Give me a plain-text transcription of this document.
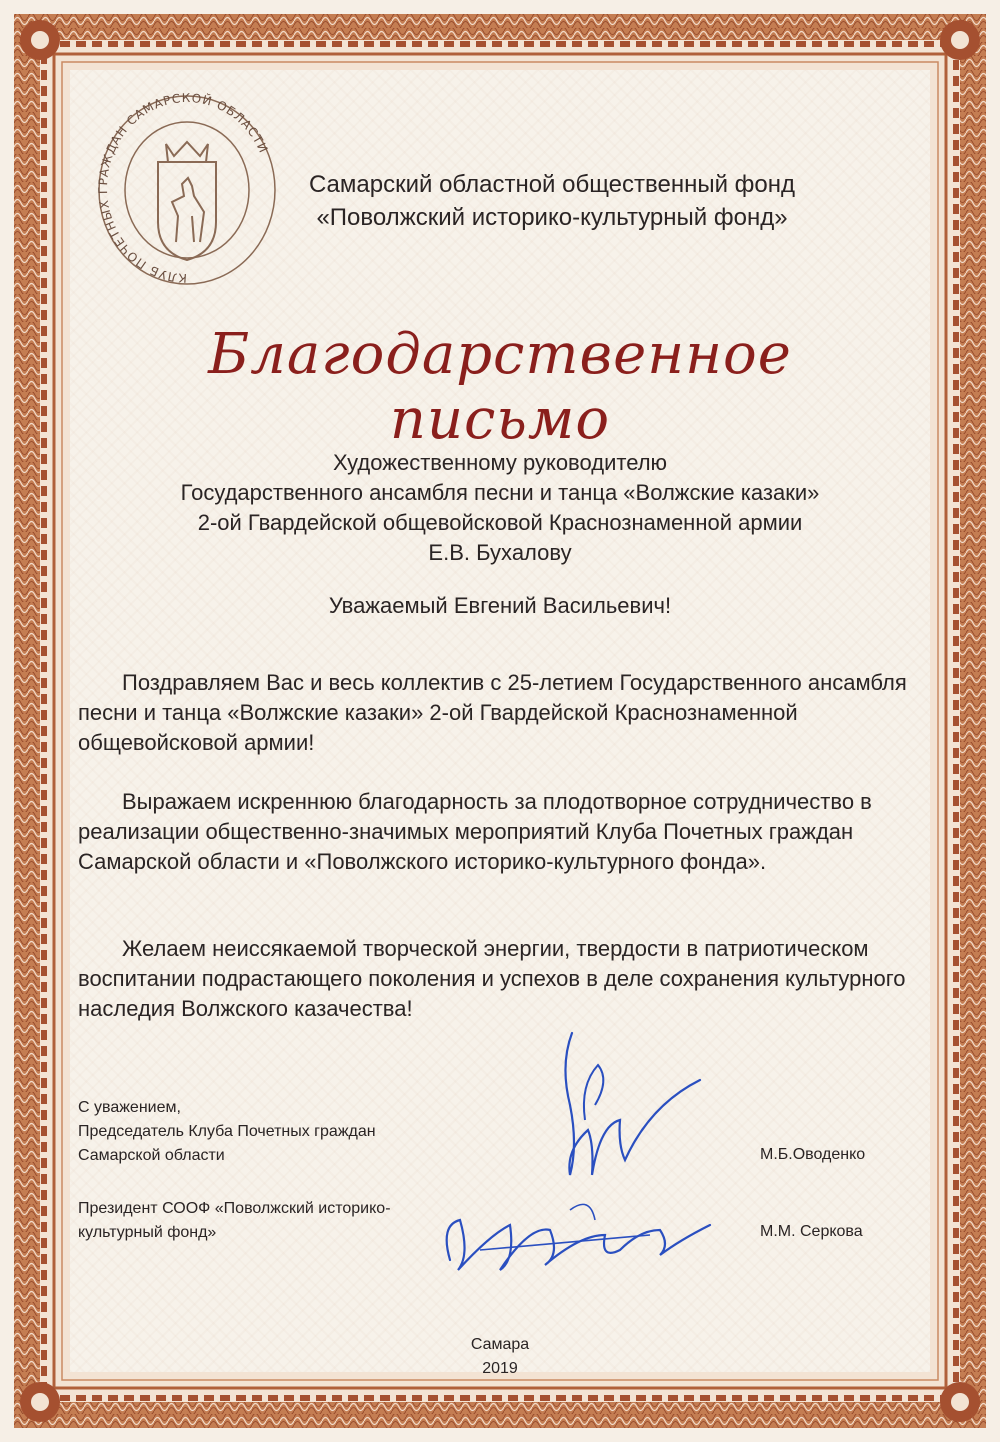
КЛУБ ПОЧЕТНЫХ ГРАЖДАН САМАРСКОЙ ОБЛАСТИ
Самарский областной общественный фонд
«Поволжский историко-культурный фонд»
Благодарственное письмо
Художественному руководителю
Государственного ансамбля песни и танца «Волжские казаки»
2-ой Гвардейской общевойсковой Краснознаменной армии
Е.В. Бухалову
Уважаемый Евгений Васильевич!
Поздравляем Вас и весь коллектив с 25-летием Государственного ансамбля песни и танца «Волжские казаки» 2-ой Гвардейской Краснознаменной общевойсковой армии!
Выражаем искреннюю благодарность за плодотворное сотрудничество в реализации общественно-значимых мероприятий Клуба Почетных граждан Самарской области и «Поволжского историко-культурного фонда».
Желаем неиссякаемой творческой энергии, твердости в патриотическом воспитании подрастающего поколения и успехов в деле сохранения культурного наследия Волжского казачества!
С уважением,
Председатель Клуба Почетных граждан
Самарской области	М.Б.Оводенко
Президент СООФ «Поволжский историко-
культурный фонд»	М.М. Серкова
Самара
2019
